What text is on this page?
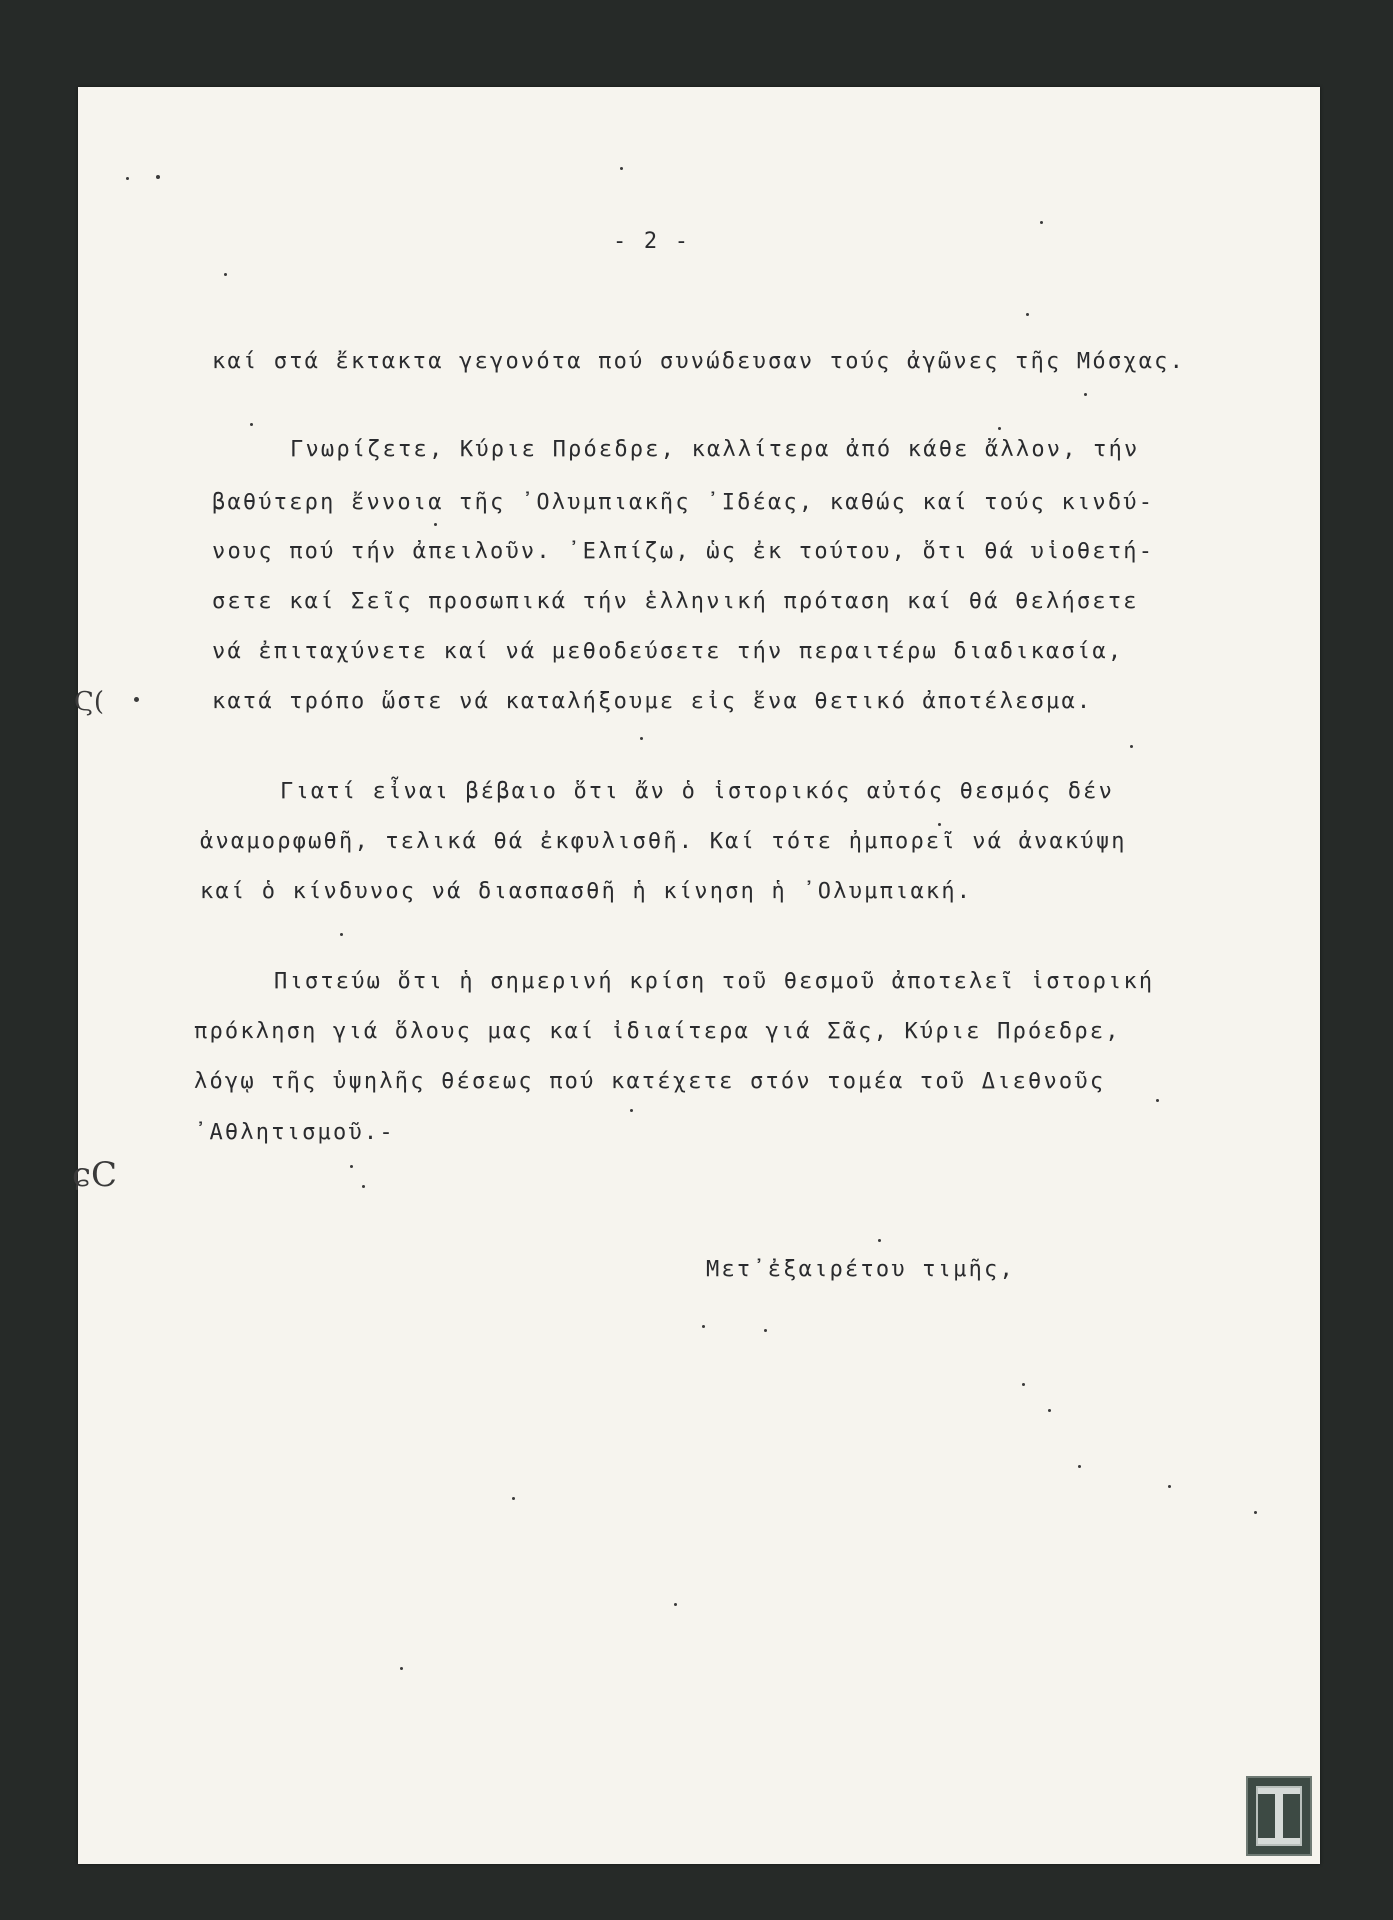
- 2 -
καί στά ἔκτακτα γεγονότα πού συνώδευσαν τούς ἀγῶνες τῆς Μόσχας.
Γνωρίζετε, Κύριε Πρόεδρε, καλλίτερα ἀπό κάθε ἄλλον, τήν
βαθύτερη ἔννοια τῆς ᾿Ολυμπιακῆς ᾿Ιδέας, καθώς καί τούς κινδύ-
νους πού τήν ἀπειλοῦν. ᾿Ελπίζω, ὡς ἐκ τούτου, ὅτι θά υἱοθετή-
σετε καί Σεῖς προσωπικά τήν ἑλληνική πρόταση καί θά θελήσετε
νά ἐπιταχύνετε καί νά μεθοδεύσετε τήν περαιτέρω διαδικασία,
κατά τρόπο ὥστε νά καταλήξουμε εἰς ἕνα θετικό ἀποτέλεσμα.
Γιατί εἶναι βέβαιο ὅτι ἄν ὁ ἱστορικός αὐτός θεσμός δέν
ἀναμορφωθῆ, τελικά θά ἐκφυλισθῆ. Καί τότε ἠμπορεῖ νά ἀνακύψη
καί ὁ κίνδυνος νά διασπασθῆ ἡ κίνηση ἡ ᾿Ολυμπιακή.
Πιστεύω ὅτι ἡ σημερινή κρίση τοῦ θεσμοῦ ἀποτελεῖ ἱστορική
πρόκληση γιά ὅλους μας καί ἰδιαίτερα γιά Σᾶς, Κύριε Πρόεδρε,
λόγῳ τῆς ὑψηλῆς θέσεως πού κατέχετε στόν τομέα τοῦ Διεθνοῦς
᾿Αθλητισμοῦ.-
Μετ᾿ἐξαιρέτου τιμῆς,
Ϛ(
ɕC
